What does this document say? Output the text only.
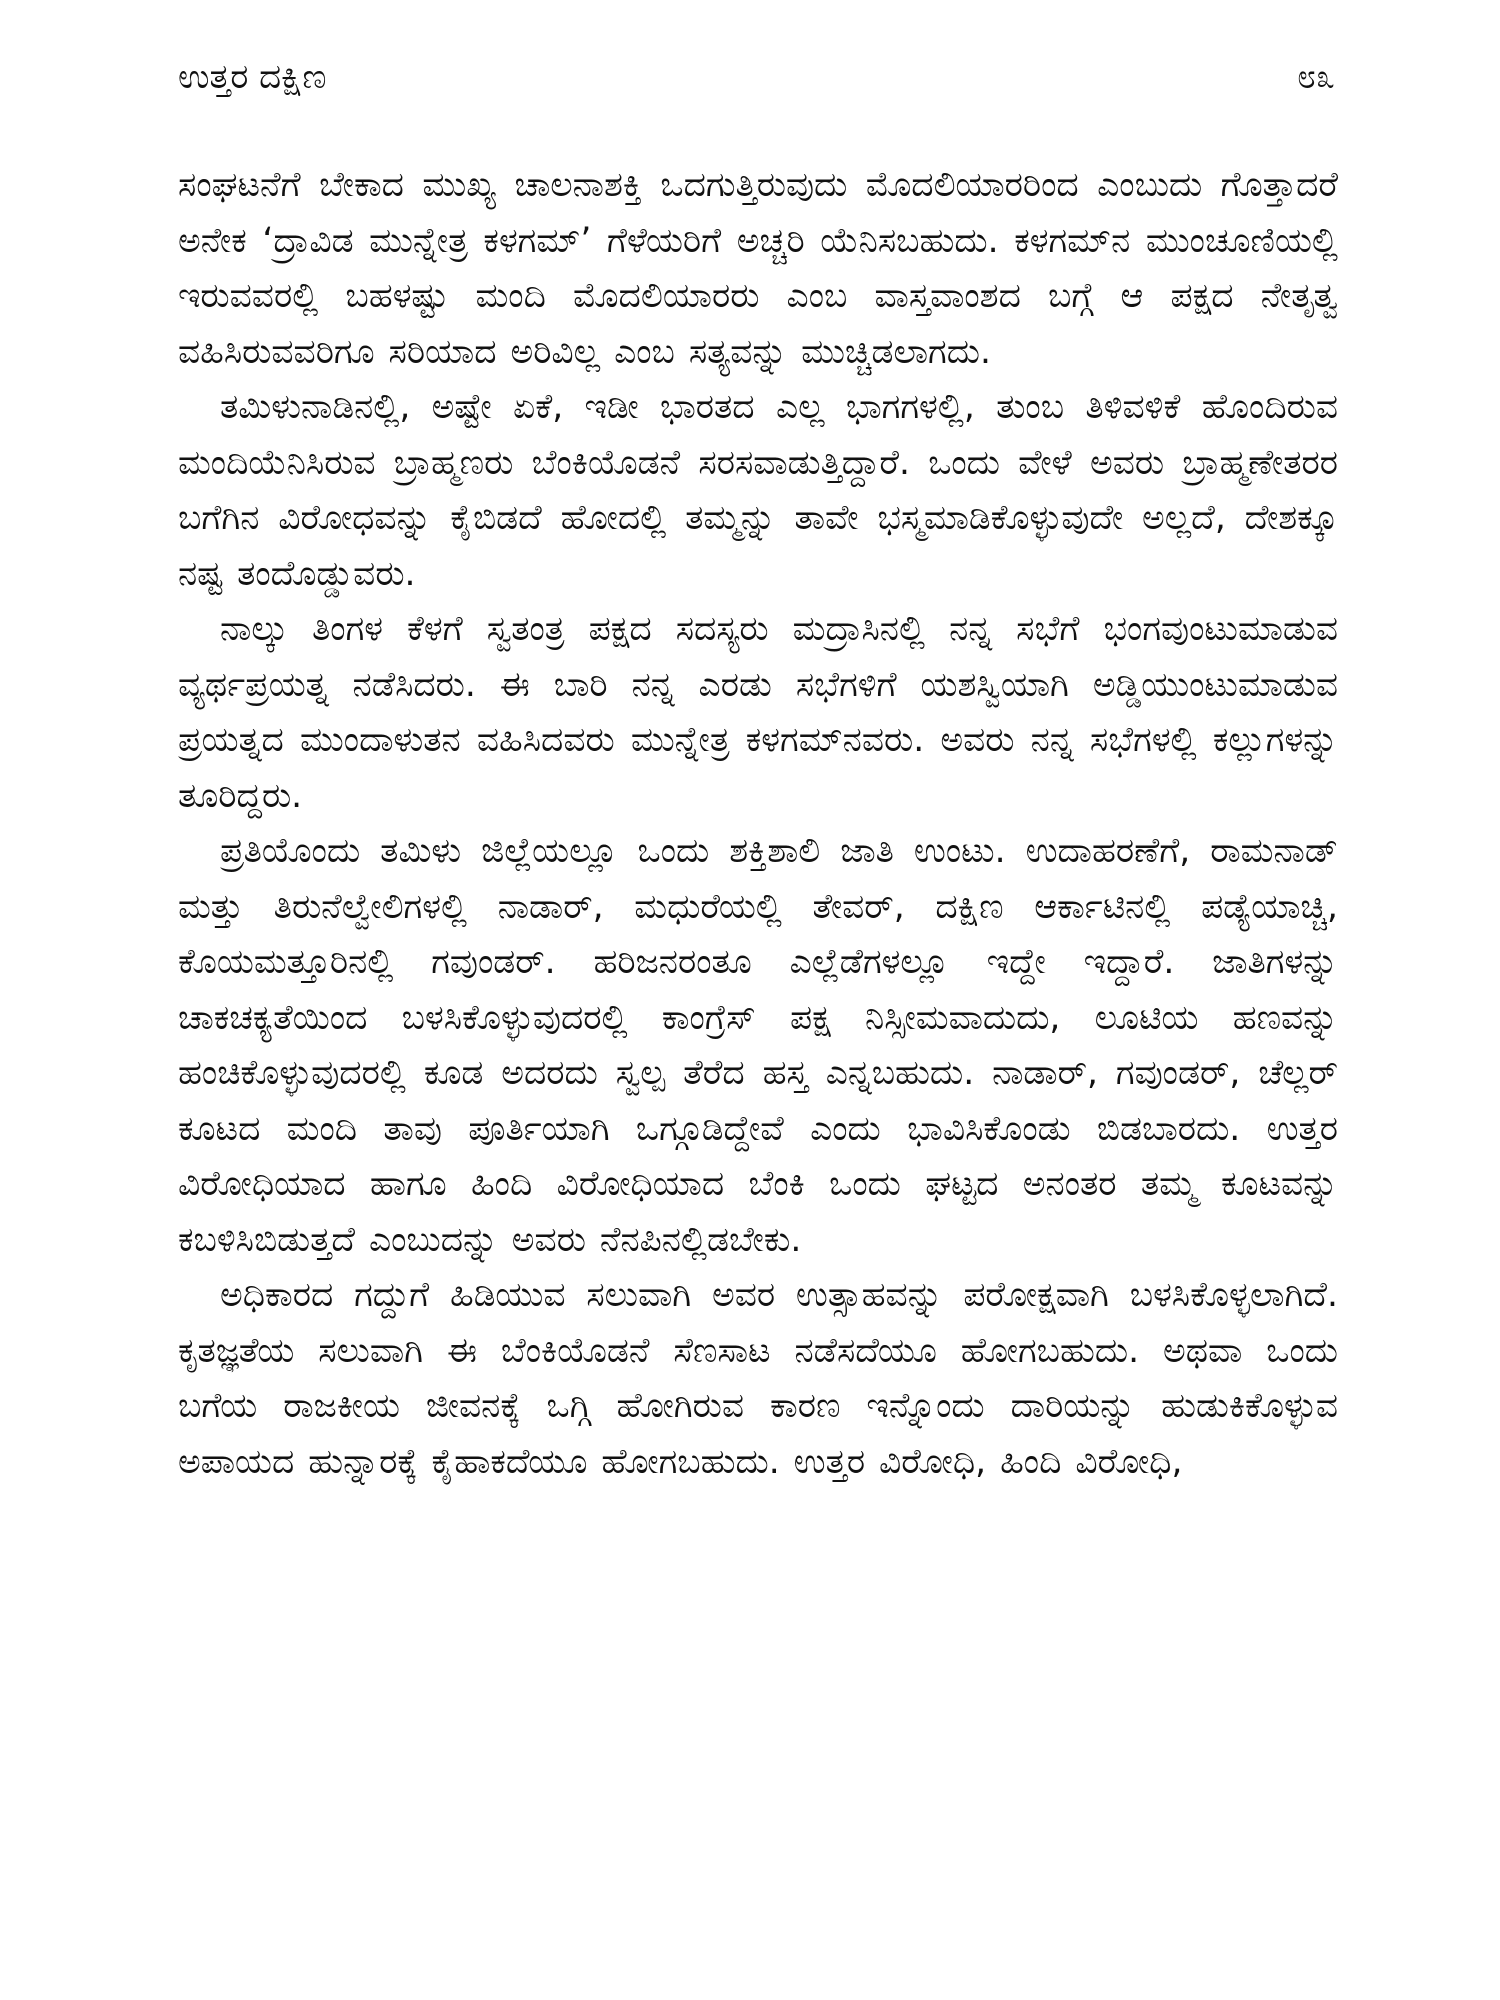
ಉತ್ತರ ದಕ್ಷಿಣ	೮೩

ಸಂಘಟನೆಗೆ ಬೇಕಾದ ಮುಖ್ಯ ಚಾಲನಾಶಕ್ತಿ ಒದಗುತ್ತಿರುವುದು ಮೊದಲಿಯಾರರಿಂದ ಎಂಬುದು ಗೊತ್ತಾದರೆ ಅನೇಕ ‘ದ್ರಾವಿಡ ಮುನ್ನೇತ್ರ ಕಳಗಮ್’ ಗೆಳೆಯರಿಗೆ ಅಚ್ಚರಿ ಯೆನಿಸಬಹುದು. ಕಳಗಮ್‌ನ ಮುಂಚೂಣಿಯಲ್ಲಿ ಇರುವವರಲ್ಲಿ ಬಹಳಷ್ಟು ಮಂದಿ ಮೊದಲಿಯಾರರು ಎಂಬ ವಾಸ್ತವಾಂಶದ ಬಗ್ಗೆ ಆ ಪಕ್ಷದ ನೇತೃತ್ವ ವಹಿಸಿರುವವರಿಗೂ ಸರಿಯಾದ ಅರಿವಿಲ್ಲ ಎಂಬ ಸತ್ಯವನ್ನು ಮುಚ್ಚಿಡಲಾಗದು.

ತಮಿಳುನಾಡಿನಲ್ಲಿ, ಅಷ್ಟೇ ಏಕೆ, ಇಡೀ ಭಾರತದ ಎಲ್ಲ ಭಾಗಗಳಲ್ಲಿ, ತುಂಬ ತಿಳಿವಳಿಕೆ ಹೊಂದಿರುವ ಮಂದಿಯೆನಿಸಿರುವ ಬ್ರಾಹ್ಮಣರು ಬೆಂಕಿಯೊಡನೆ ಸರಸವಾಡುತ್ತಿದ್ದಾರೆ. ಒಂದು ವೇಳೆ ಅವರು ಬ್ರಾಹ್ಮಣೇತರರ ಬಗೆಗಿನ ವಿರೋಧವನ್ನು ಕೈಬಿಡದೆ ಹೋದಲ್ಲಿ ತಮ್ಮನ್ನು ತಾವೇ ಭಸ್ಮಮಾಡಿಕೊಳ್ಳುವುದೇ ಅಲ್ಲದೆ, ದೇಶಕ್ಕೂ ನಷ್ಟ ತಂದೊಡ್ಡುವರು.

ನಾಲ್ಕು ತಿಂಗಳ ಕೆಳಗೆ ಸ್ವತಂತ್ರ ಪಕ್ಷದ ಸದಸ್ಯರು ಮದ್ರಾಸಿನಲ್ಲಿ ನನ್ನ ಸಭೆಗೆ ಭಂಗವುಂಟುಮಾಡುವ ವ್ಯರ್ಥಪ್ರಯತ್ನ ನಡೆಸಿದರು. ಈ ಬಾರಿ ನನ್ನ ಎರಡು ಸಭೆಗಳಿಗೆ ಯಶಸ್ವಿಯಾಗಿ ಅಡ್ಡಿಯುಂಟುಮಾಡುವ ಪ್ರಯತ್ನದ ಮುಂದಾಳುತನ ವಹಿಸಿದವರು ಮುನ್ನೇತ್ರ ಕಳಗಮ್‌ನವರು. ಅವರು ನನ್ನ ಸಭೆಗಳಲ್ಲಿ ಕಲ್ಲುಗಳನ್ನು ತೂರಿದ್ದರು.

ಪ್ರತಿಯೊಂದು ತಮಿಳು ಜಿಲ್ಲೆಯಲ್ಲೂ ಒಂದು ಶಕ್ತಿಶಾಲಿ ಜಾತಿ ಉಂಟು. ಉದಾಹರಣೆಗೆ, ರಾಮನಾಡ್ ಮತ್ತು ತಿರುನೆಲ್ವೇಲಿಗಳಲ್ಲಿ ನಾಡಾರ್, ಮಧುರೆಯಲ್ಲಿ ತೇವರ್, ದಕ್ಷಿಣ ಆರ್ಕಾಟಿನಲ್ಲಿ ಪಡ್ಯೆಯಾಚ್ಚಿ, ಕೊಯಮತ್ತೂರಿನಲ್ಲಿ ಗವುಂಡರ್. ಹರಿಜನರಂತೂ ಎಲ್ಲೆಡೆಗಳಲ್ಲೂ ಇದ್ದೇ ಇದ್ದಾರೆ. ಜಾತಿಗಳನ್ನು ಚಾಕಚಕ್ಯತೆಯಿಂದ ಬಳಸಿಕೊಳ್ಳುವುದರಲ್ಲಿ ಕಾಂಗ್ರೆಸ್ ಪಕ್ಷ ನಿಸ್ಸೀಮವಾದುದು, ಲೂಟಿಯ ಹಣವನ್ನು ಹಂಚಿಕೊಳ್ಳುವುದರಲ್ಲಿ ಕೂಡ ಅದರದು ಸ್ವಲ್ಪ ತೆರೆದ ಹಸ್ತ ಎನ್ನಬಹುದು. ನಾಡಾರ್, ಗವುಂಡರ್, ಚೆಲ್ಲರ್ ಕೂಟದ ಮಂದಿ ತಾವು ಪೂರ್ತಿಯಾಗಿ ಒಗ್ಗೂಡಿದ್ದೇವೆ ಎಂದು ಭಾವಿಸಿಕೊಂಡು ಬಿಡಬಾರದು. ಉತ್ತರ ವಿರೋಧಿಯಾದ ಹಾಗೂ ಹಿಂದಿ ವಿರೋಧಿಯಾದ ಬೆಂಕಿ ಒಂದು ಘಟ್ಟದ ಅನಂತರ ತಮ್ಮ ಕೂಟವನ್ನು ಕಬಳಿಸಿಬಿಡುತ್ತದೆ ಎಂಬುದನ್ನು ಅವರು ನೆನಪಿನಲ್ಲಿಡಬೇಕು.

ಅಧಿಕಾರದ ಗದ್ದುಗೆ ಹಿಡಿಯುವ ಸಲುವಾಗಿ ಅವರ ಉತ್ಸಾಹವನ್ನು ಪರೋಕ್ಷವಾಗಿ ಬಳಸಿಕೊಳ್ಳಲಾಗಿದೆ. ಕೃತಜ್ಞತೆಯ ಸಲುವಾಗಿ ಈ ಬೆಂಕಿಯೊಡನೆ ಸೆಣಸಾಟ ನಡೆಸದೆಯೂ ಹೋಗಬಹುದು. ಅಥವಾ ಒಂದು ಬಗೆಯ ರಾಜಕೀಯ ಜೀವನಕ್ಕೆ ಒಗ್ಗಿ ಹೋಗಿರುವ ಕಾರಣ ಇನ್ನೊಂದು ದಾರಿಯನ್ನು ಹುಡುಕಿಕೊಳ್ಳುವ ಅಪಾಯದ ಹುನ್ನಾರಕ್ಕೆ ಕೈಹಾಕದೆಯೂ ಹೋಗಬಹುದು. ಉತ್ತರ ವಿರೋಧಿ, ಹಿಂದಿ ವಿರೋಧಿ,
